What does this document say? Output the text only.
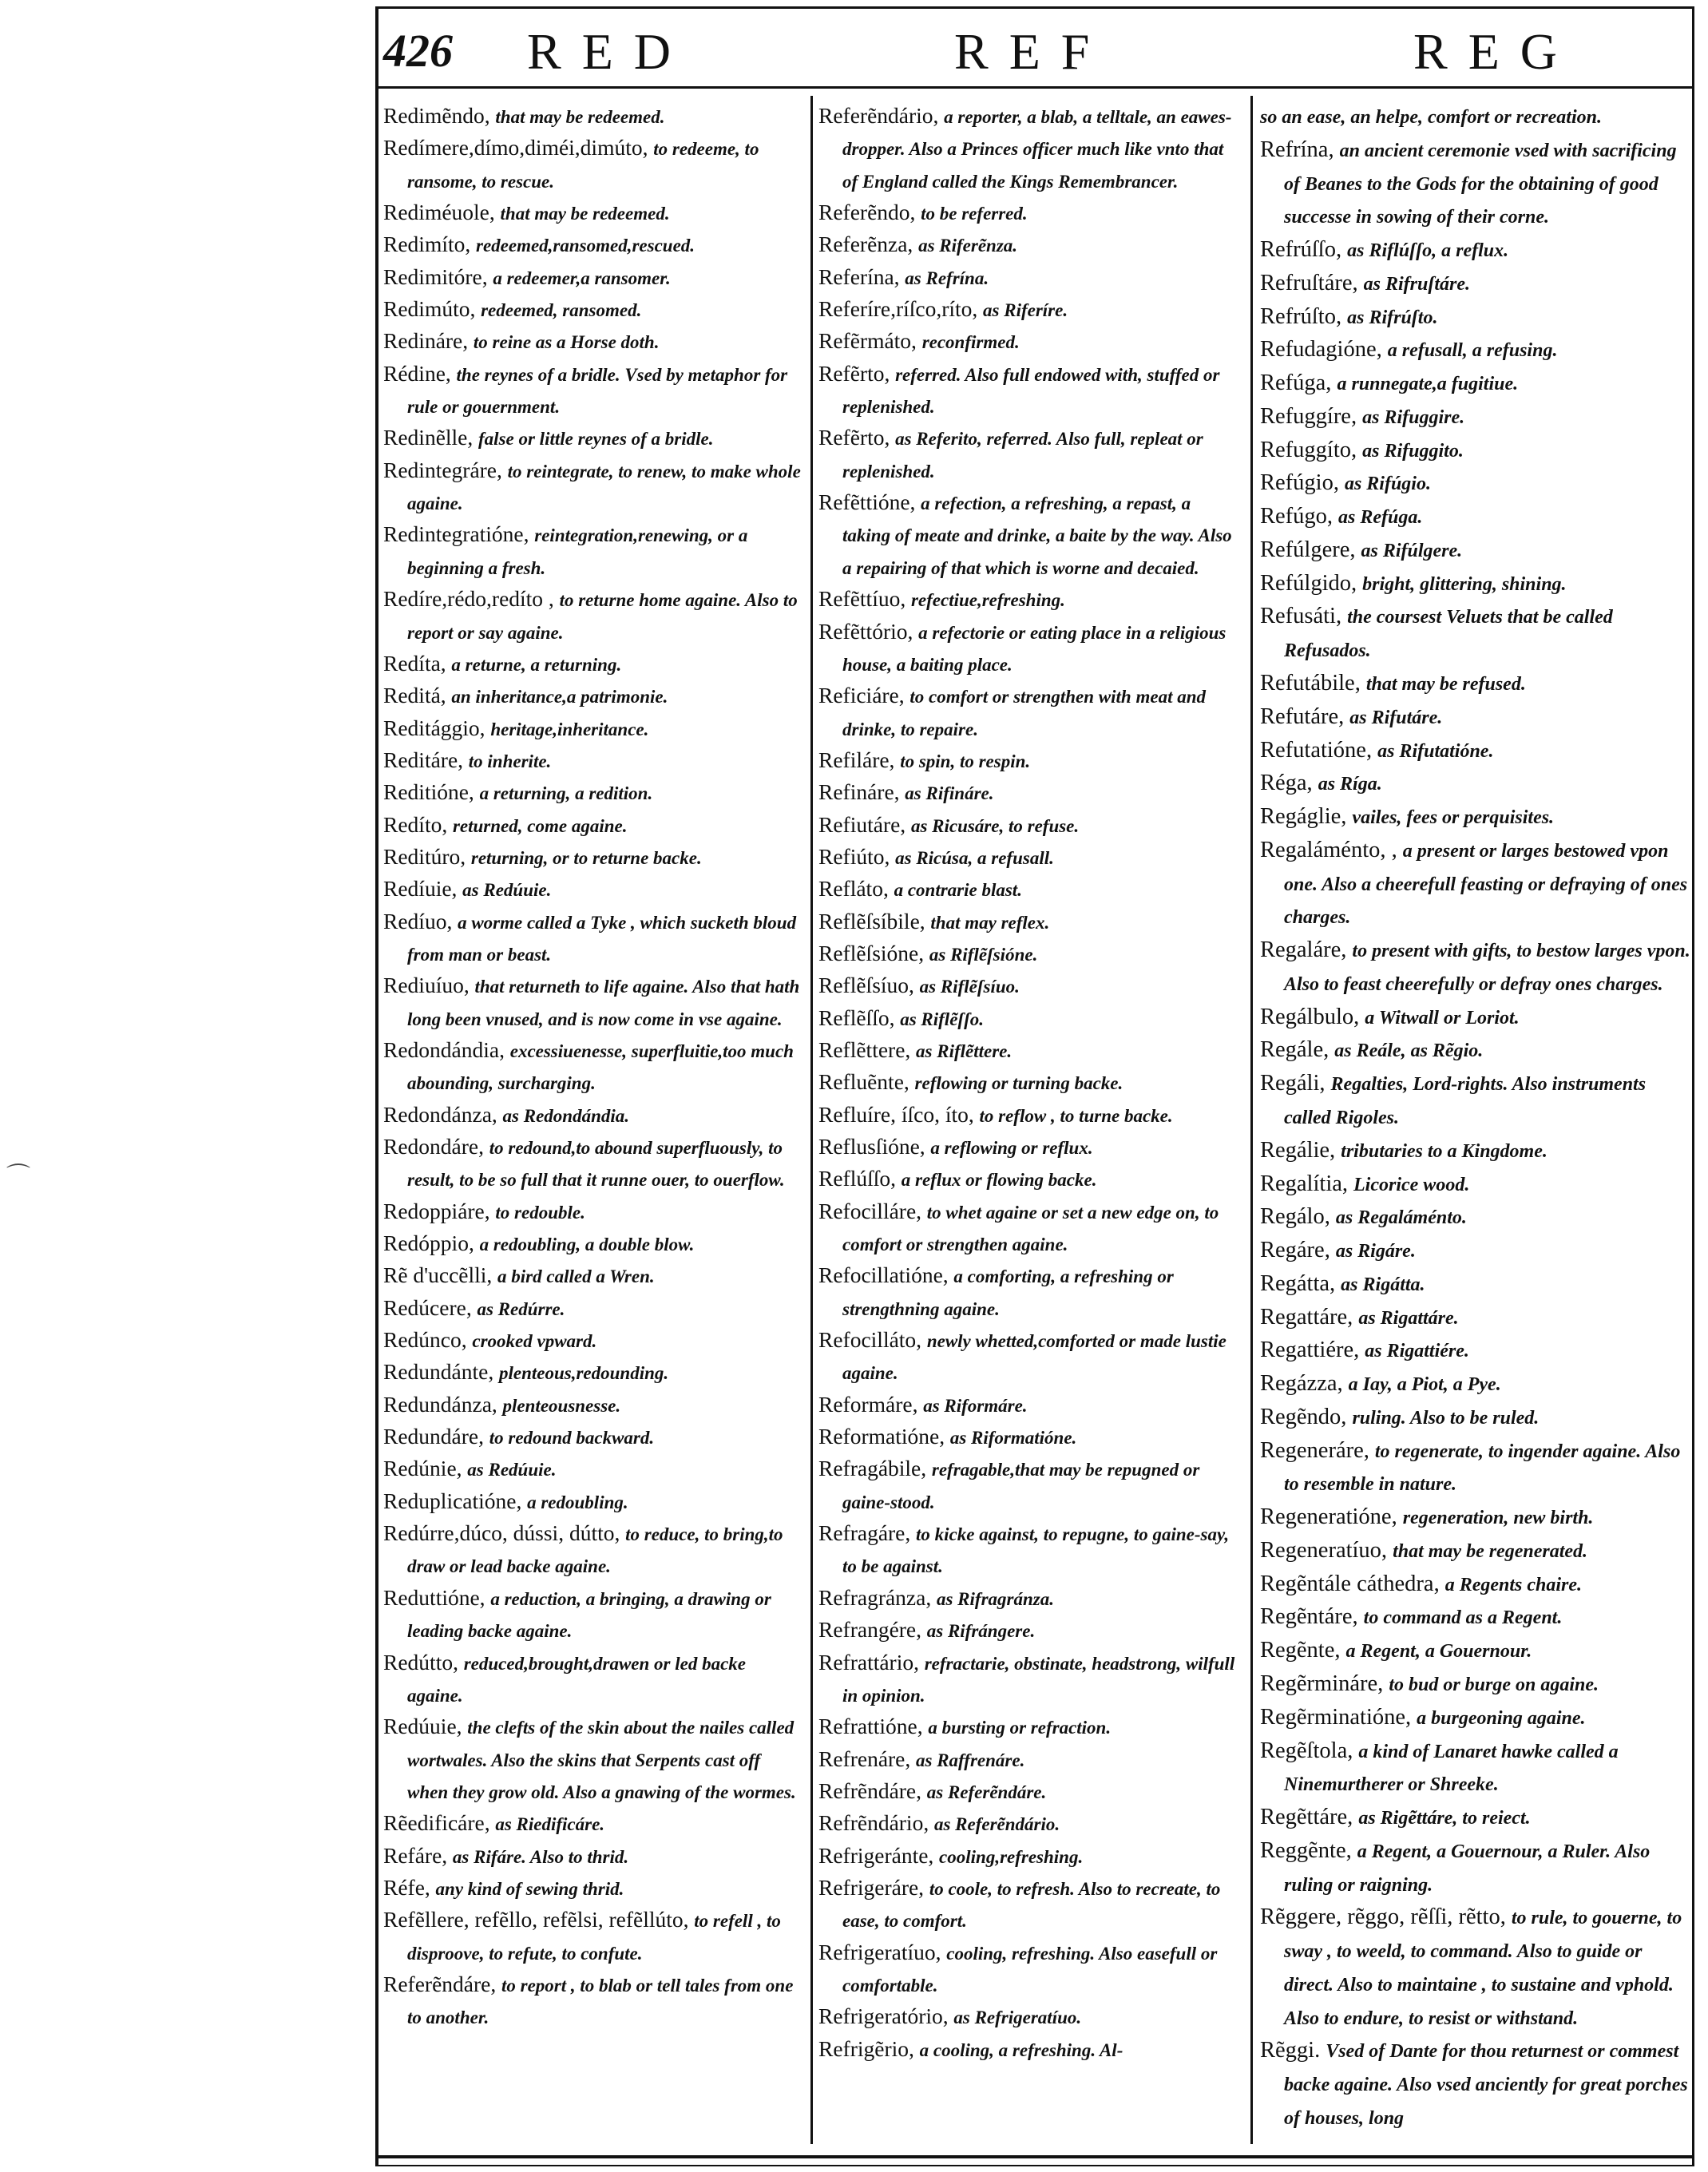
426 RED	REF	REG

Redimẽndo, that may be redeemed.

Redímere,dímo,diméi,dimúto, to redeeme, to ransome, to rescue.

Rediméuole, that may be redeemed.

Redimíto, redeemed,ransomed,rescued.

Redimitóre, a redeemer,a ransomer.

Redimúto, redeemed, ransomed.

Redináre, to reine as a Horse doth.

Rédine, the reynes of a bridle. Vsed by metaphor for rule or gouernment.

Redinẽlle, false or little reynes of a bridle.

Redintegráre, to reintegrate, to renew, to make whole againe.

Redintegratióne, reintegration,renewing, or a beginning a fresh.

Redíre,rédo,redíto , to returne home againe. Also to report or say againe.

Redíta, a returne, a returning.

Reditá, an inheritance,a patrimonie.

Reditággio, heritage,inheritance.

Reditáre, to inherite.

Reditióne, a returning, a redition.

Redíto, returned, come againe.

Reditúro, returning, or to returne backe.

Redíuie, as Redúuie.

Redíuo, a worme called a Tyke , which sucketh bloud from man or beast.

Rediuíuo, that returneth to life againe. Also that hath long been vnused, and is now come in vse againe.

Redondándia, excessiuenesse, superfluitie,too much abounding, surcharging.

Redondánza, as Redondándia.

Redondáre, to redound,to abound superfluously, to result, to be so full that it runne ouer, to ouerflow.

Redoppiáre, to redouble.

Redóppio, a redoubling, a double blow.

Rẽ d'uccẽlli, a bird called a Wren.

Redúcere, as Redúrre.

Redúnco, crooked vpward.

Redundánte, plenteous,redounding.

Redundánza, plenteousnesse.

Redundáre, to redound backward.

Redúnie, as Redúuie.

Reduplicatióne, a redoubling.

Redúrre,dúco, dússi, dútto, to reduce, to bring,to draw or lead backe againe.

Reduttióne, a reduction, a bringing, a drawing or leading backe againe.

Redútto, reduced,brought,drawen or led backe againe.

Redúuie, the clefts of the skin about the nailes called wortwales. Also the skins that Serpents cast off when they grow old. Also a gnawing of the wormes.

Rẽedificáre, as Riedificáre.

Refáre, as Rifáre. Also to thrid.

Réfe, any kind of sewing thrid.

Refẽllere, refẽllo, refẽlsi, refẽllúto, to refell , to disproove, to refute, to confute.

Referẽndáre, to report , to blab or tell tales from one to another.

Referẽndário, a reporter, a blab, a telltale, an eawes-dropper. Also a Princes officer much like vnto that of England called the Kings Remembrancer.

Referẽndo, to be referred.

Referẽnza, as Riferẽnza.

Referína, as Refrína.

Referíre,ríſco,ríto, as Riferíre.

Refẽrmáto, reconfirmed.

Refẽrto, referred. Also full endowed with, stuffed or replenished.

Refẽrto, as Referito, referred. Also full, repleat or replenished.

Refẽttióne, a refection, a refreshing, a repast, a taking of meate and drinke, a baite by the way. Also a repairing of that which is worne and decaied.

Refẽttíuo, refectiue,refreshing.

Refẽttório, a refectorie or eating place in a religious house, a baiting place.

Reficiáre, to comfort or strengthen with meat and drinke, to repaire.

Refiláre, to spin, to respin.

Refináre, as Rifináre.

Refiutáre, as Ricusáre, to refuse.

Refiúto, as Ricúsa, a refusall.

Refláto, a contrarie blast.

Reflẽſsíbile, that may reflex.

Reflẽſsióne, as Riflẽſsióne.

Reflẽſsíuo, as Riflẽſsíuo.

Reflẽſſo, as Riflẽſſo.

Reflẽttere, as Riflẽttere.

Refluẽnte, reflowing or turning backe.

Refluíre, íſco, íto, to reflow , to turne backe.

Reflusſióne, a reflowing or reflux.

Reflúſſo, a reflux or flowing backe.

Refocilláre, to whet againe or set a new edge on, to comfort or strengthen againe.

Refocillatióne, a comforting, a refreshing or strengthning againe.

Refocilláto, newly whetted,comforted or made lustie againe.

Reformáre, as Riformáre.

Reformatióne, as Riformatióne.

Refragábile, refragable,that may be repugned or gaine-stood.

Refragáre, to kicke against, to repugne, to gaine-say, to be against.

Refragránza, as Rifragránza.

Refrangére, as Rifrángere.

Refrattário, refractarie, obstinate, headstrong, wilfull in opinion.

Refrattióne, a bursting or refraction.

Refrenáre, as Raffrenáre.

Refrẽndáre, as Referẽndáre.

Refrẽndário, as Referẽndário.

Refrigeránte, cooling,refreshing.

Refrigeráre, to coole, to refresh. Also to recreate, to ease, to comfort.

Refrigeratíuo, cooling, refreshing. Also easefull or comfortable.

Refrigeratório, as Refrigeratíuo.

Refrigẽrio, a cooling, a refreshing. Al-

so an ease, an helpe, comfort or recreation.

Refrína, an ancient ceremonie vsed with sacrificing of Beanes to the Gods for the obtaining of good successe in sowing of their corne.

Refrúſſo, as Riflúſſo, a reflux.

Refruſtáre, as Rifruſtáre.

Refrúſto, as Rifrúſto.

Refudagióne, a refusall, a refusing.

Refúga, a runnegate,a fugitiue.

Refuggíre, as Rifuggire.

Refuggíto, as Rifuggito.

Refúgio, as Rifúgio.

Refúgo, as Refúga.

Refúlgere, as Rifúlgere.

Refúlgido, bright, glittering, shining.

Refusáti, the coursest Veluets that be called Refusados.

Refutábile, that may be refused.

Refutáre, as Rifutáre.

Refutatióne, as Rifutatióne.

Réga, as Ríga.

Regáglie, vailes, fees or perquisites.

Regaláménto, , a present or larges bestowed vpon one. Also a cheerefull feasting or defraying of ones charges.

Regaláre, to present with gifts, to bestow larges vpon. Also to feast cheerefully or defray ones charges.

Regálbulo, a Witwall or Loriot.

Regále, as Reále, as Rẽgio.

Regáli, Regalties, Lord-rights. Also instruments called Rigoles.

Regálie, tributaries to a Kingdome.

Regalítia, Licorice wood.

Regálo, as Regaláménto.

Regáre, as Rigáre.

Regátta, as Rigátta.

Regattáre, as Rigattáre.

Regattiére, as Rigattiére.

Regázza, a Iay, a Piot, a Pye.

Regẽndo, ruling. Also to be ruled.

Regeneráre, to regenerate, to ingender againe. Also to resemble in nature.

Regeneratióne, regeneration, new birth.

Regeneratíuo, that may be regenerated.

Regẽntále cáthedra, a Regents chaire.

Regẽntáre, to command as a Regent.

Regẽnte, a Regent, a Gouernour.

Regẽrmináre, to bud or burge on againe.

Regẽrminatióne, a burgeoning againe.

Regẽſtola, a kind of Lanaret hawke called a Ninemurtherer or Shreeke.

Regẽttáre, as Rigẽttáre, to reiect.

Reggẽnte, a Regent, a Gouernour, a Ruler. Also ruling or raigning.

Rẽggere, rẽggo, rẽſſi, rẽtto, to rule, to gouerne, to sway , to weeld, to command. Also to guide or direct. Also to maintaine , to sustaine and vphold. Also to endure, to resist or withstand.

Rẽggi. Vsed of Dante for thou returnest or commest backe againe. Also vsed anciently for great porches of houses, long

⌒
